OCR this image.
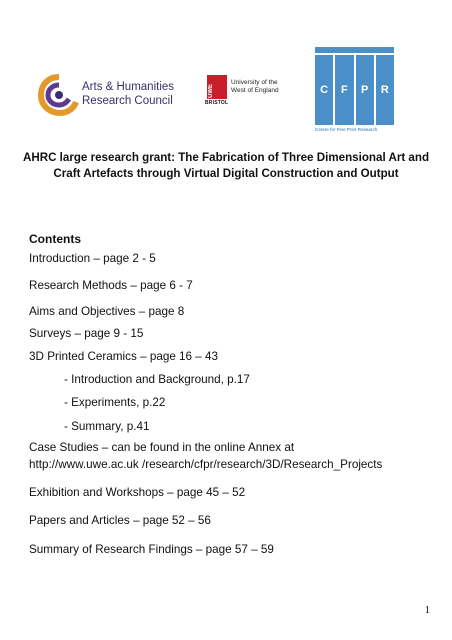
Arts & Humanities
Research Council
UWE
BRISTOL
University of the
West of England	C	F	P	R
Centre for Fine Print Research
AHRC large research grant: The Fabrication of Three Dimensional Art and Craft Artefacts through Virtual Digital Construction and Output
Contents
Introduction – page 2 - 5
Research Methods – page 6 - 7
Aims and Objectives – page 8
Surveys – page 9 - 15
3D Printed Ceramics – page 16 – 43
- Introduction and Background, p.17
- Experiments, p.22
- Summary, p.41
Case Studies – can be found in the online Annex at
http://www.uwe.ac.uk /research/cfpr/research/3D/Research_Projects
Exhibition and Workshops – page 45 – 52
Papers and Articles – page 52 – 56
Summary of Research Findings – page 57 – 59
1
